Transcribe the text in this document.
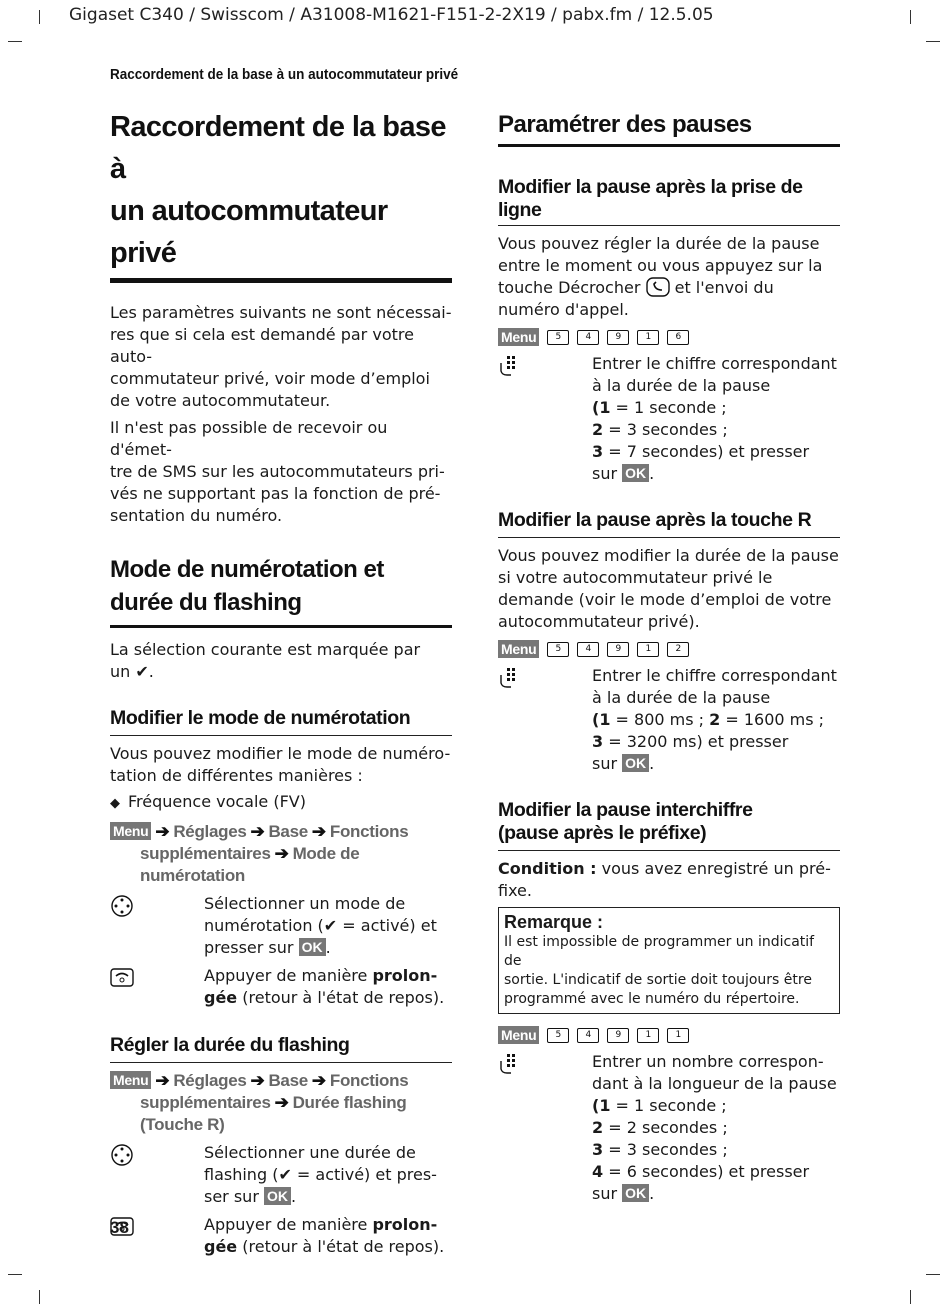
Gigaset C340 / Swisscom / A31008-M1621-F151-2-2X19 / pabx.fm / 12.5.05
Raccordement de la base à un autocommutateur privé
Raccordement de la base à
un autocommutateur privé
Les paramètres suivants ne sont nécessai-
res que si cela est demandé par votre auto-
commutateur privé, voir mode d’emploi
de votre autocommutateur.
Il n'est pas possible de recevoir ou d'émet-
tre de SMS sur les autocommutateurs pri-
vés ne supportant pas la fonction de pré-
sentation du numéro.
Mode de numérotation et
durée du flashing
La sélection courante est marquée par
un ✔.
Modifier le mode de numérotation
Vous pouvez modifier le mode de numéro-
tation de différentes manières :
◆ Fréquence vocale (FV)
Menu ➔ Réglages ➔ Base ➔ Fonctions
supplémentaires ➔ Mode de
numérotation
Sélectionner un mode de
numérotation (✔ = activé) et
presser sur OK .
Appuyer de manière prolon-
gée (retour à l'état de repos).
Régler la durée du flashing
Menu ➔ Réglages ➔ Base ➔ Fonctions
supplémentaires ➔ Durée flashing
(Touche R)
Sélectionner une durée de
flashing (✔ = activé) et pres-
ser sur OK .
Appuyer de manière prolon-
gée (retour à l'état de repos).
38
Paramétrer des pauses
Modifier la pause après la prise de
ligne
Vous pouvez régler la durée de la pause
entre le moment ou vous appuyez sur la
touche Décrocher et l'envoi du
numéro d'appel.
Menu	5	4	9	1	6
Entrer le chiffre correspondant
à la durée de la pause
(1 = 1 seconde ;
2 = 3 secondes ;
3 = 7 secondes) et presser
sur OK .
Modifier la pause après la touche R
Vous pouvez modifier la durée de la pause
si votre autocommutateur privé le
demande (voir le mode d’emploi de votre
autocommutateur privé).
Menu	5	4	9	1	2
Entrer le chiffre correspondant
à la durée de la pause
(1 = 800 ms ; 2 = 1600 ms ;
3 = 3200 ms) et presser
sur OK .
Modifier la pause interchiffre
(pause après le préfixe)
Condition : vous avez enregistré un pré-
fixe.
Remarque :
Il est impossible de programmer un indicatif de
sortie. L'indicatif de sortie doit toujours être
programmé avec le numéro du répertoire.
Menu	5	4	9	1	1
Entrer un nombre correspon-
dant à la longueur de la pause
(1 = 1 seconde ;
2 = 2 secondes ;
3 = 3 secondes ;
4 = 6 secondes) et presser
sur OK .
